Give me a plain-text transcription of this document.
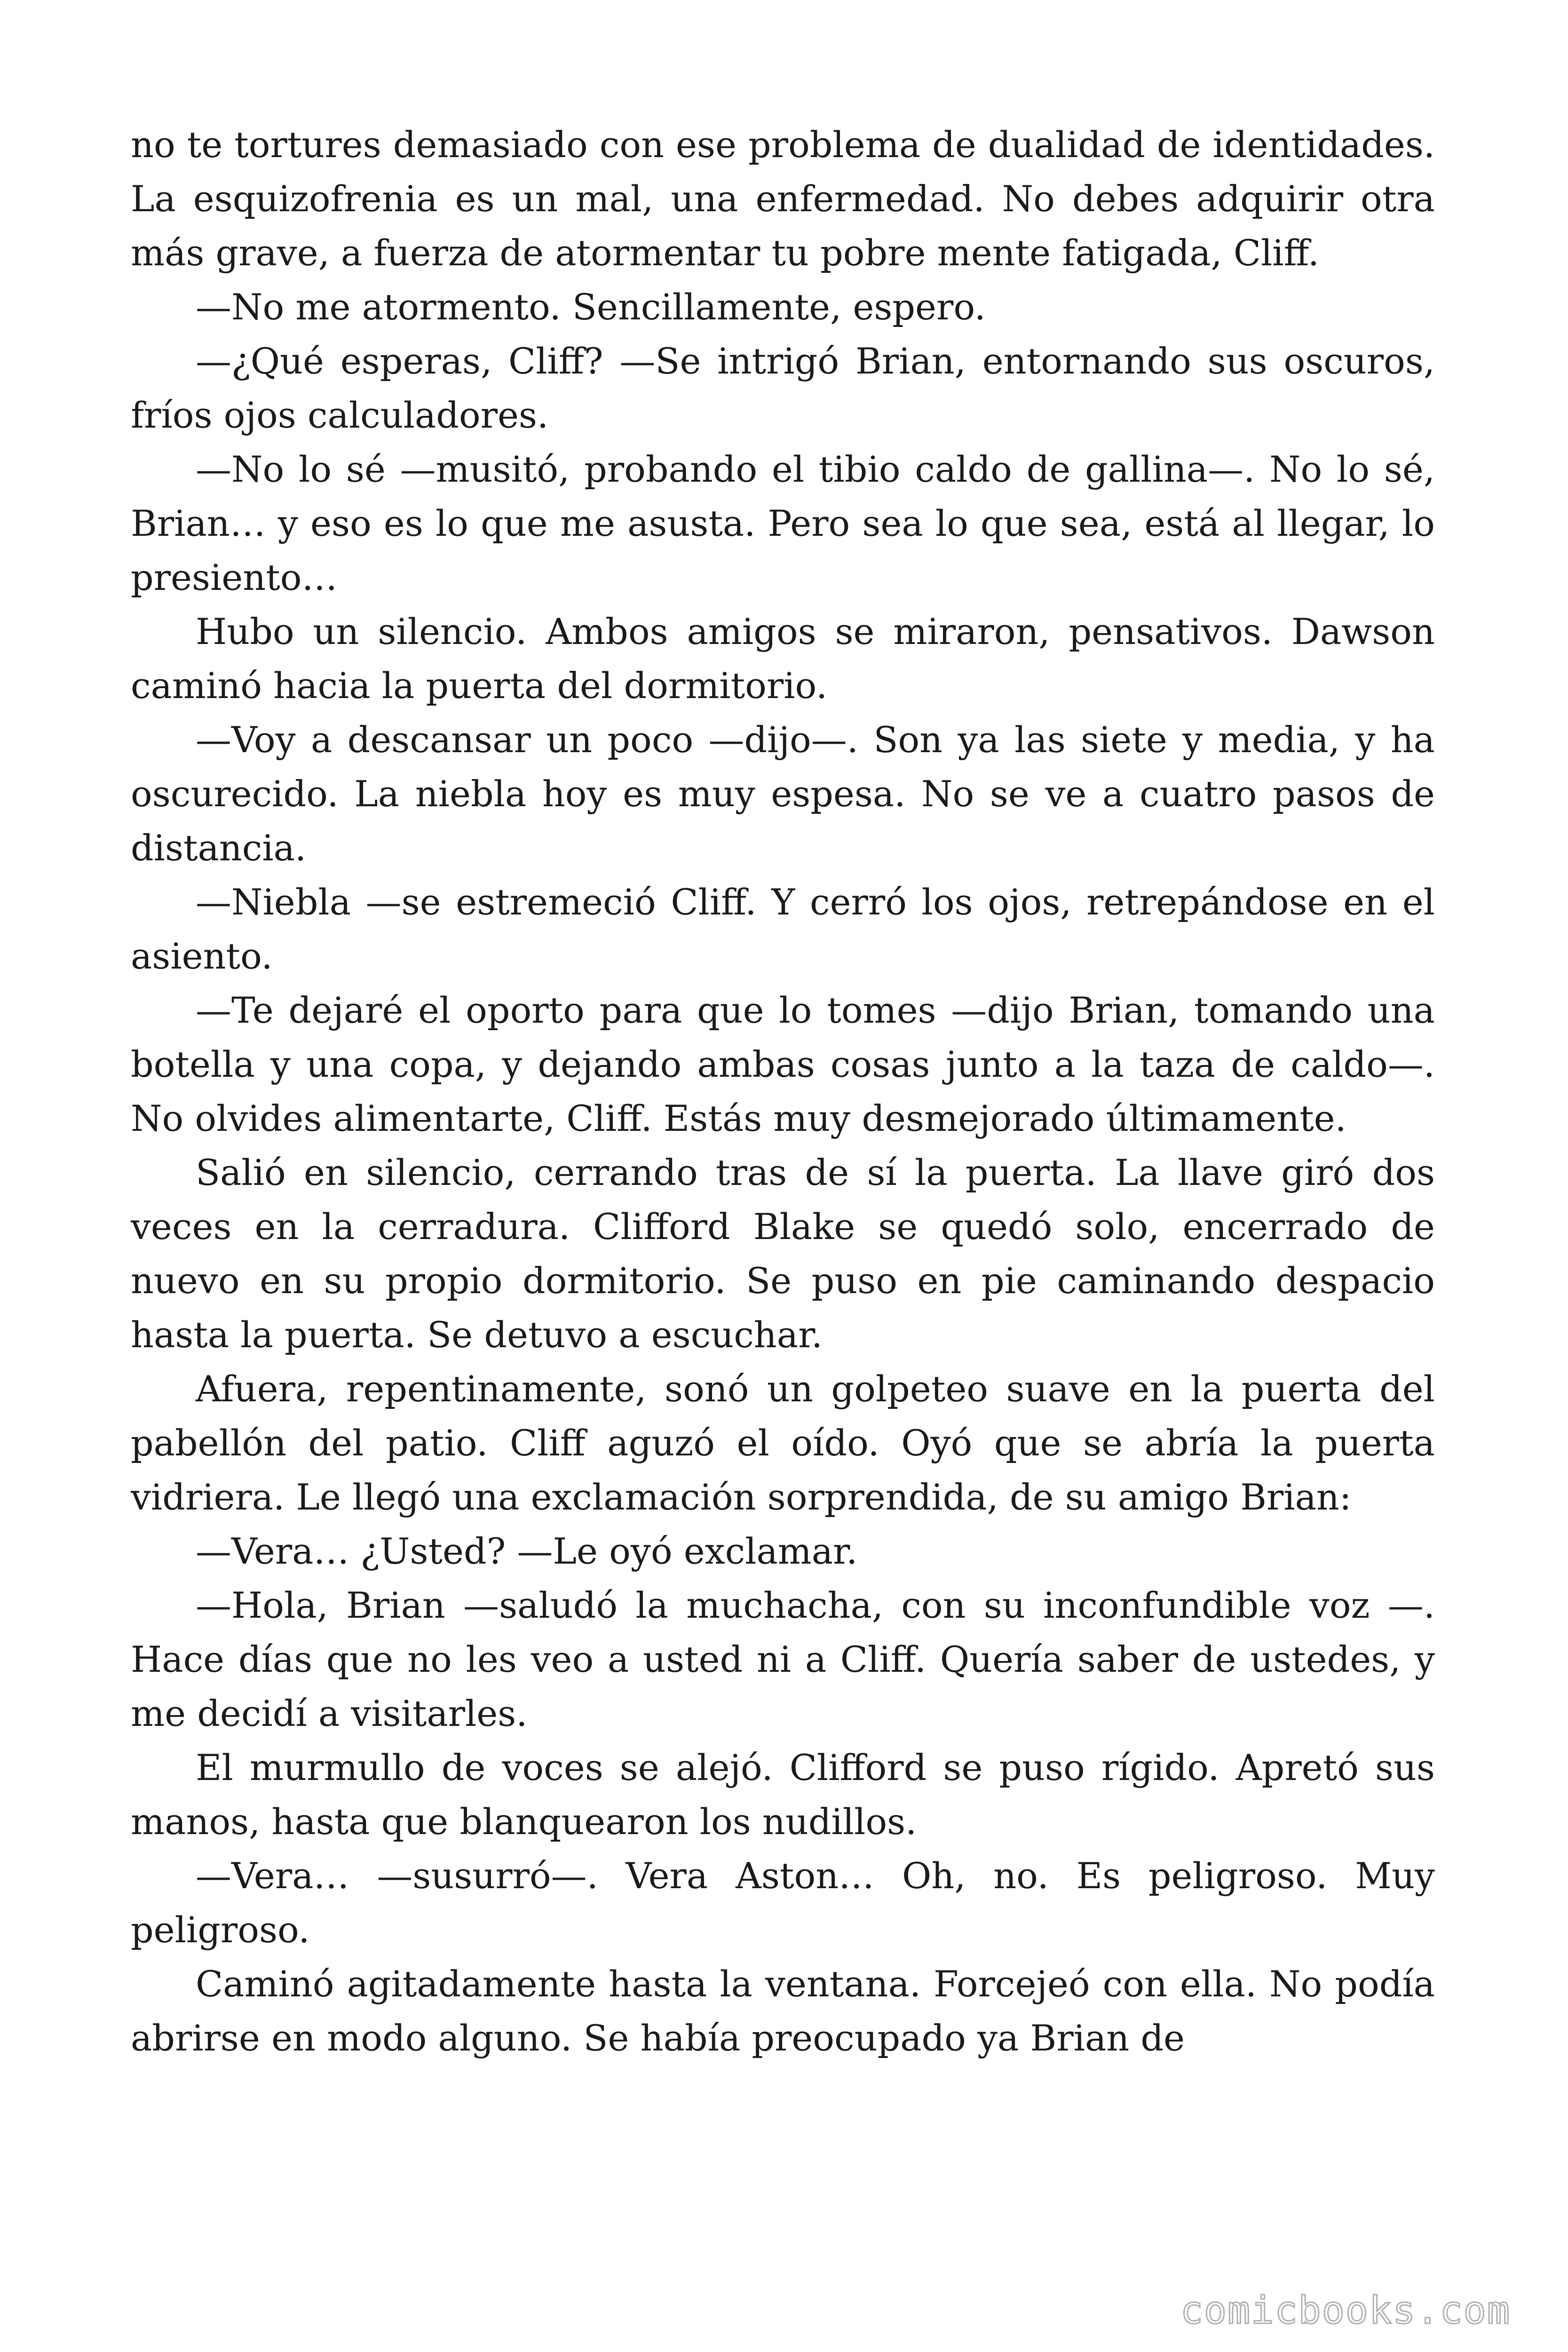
no te tortures demasiado con ese problema de dualidad de identidades. La esquizofrenia es un mal, una enfermedad. No debes adquirir otra más grave, a fuerza de atormentar tu pobre mente fatigada, Cliff.

—No me atormento. Sencillamente, espero.

—¿Qué esperas, Cliff? —Se intrigó Brian, entornando sus oscuros, fríos ojos calculadores.

—No lo sé —musitó, probando el tibio caldo de gallina—. No lo sé, Brian… y eso es lo que me asusta. Pero sea lo que sea, está al llegar, lo presiento…

Hubo un silencio. Ambos amigos se miraron, pensativos. Dawson caminó hacia la puerta del dormitorio.

—Voy a descansar un poco —dijo—. Son ya las siete y media, y ha oscurecido. La niebla hoy es muy espesa. No se ve a cuatro pasos de distancia.

—Niebla —se estremeció Cliff. Y cerró los ojos, retrepándose en el asiento.

—Te dejaré el oporto para que lo tomes —dijo Brian, tomando una botella y una copa, y dejando ambas cosas junto a la taza de caldo—. No olvides alimentarte, Cliff. Estás muy desmejorado últimamente.

Salió en silencio, cerrando tras de sí la puerta. La llave giró dos veces en la cerradura. Clifford Blake se quedó solo, encerrado de nuevo en su propio dormitorio. Se puso en pie caminando despacio hasta la puerta. Se detuvo a escuchar.

Afuera, repentinamente, sonó un golpeteo suave en la puerta del pabellón del patio. Cliff aguzó el oído. Oyó que se abría la puerta vidriera. Le llegó una exclamación sorprendida, de su amigo Brian:

—Vera… ¿Usted? —Le oyó exclamar.

—Hola, Brian —saludó la muchacha, con su inconfundible voz —. Hace días que no les veo a usted ni a Cliff. Quería saber de ustedes, y me decidí a visitarles.

El murmullo de voces se alejó. Clifford se puso rígido. Apretó sus manos, hasta que blanquearon los nudillos.

—Vera… —susurró—. Vera Aston… Oh, no. Es peligroso. Muy peligroso.

Caminó agitadamente hasta la ventana. Forcejeó con ella. No podía abrirse en modo alguno. Se había preocupado ya Brian de

comicbooks.com
